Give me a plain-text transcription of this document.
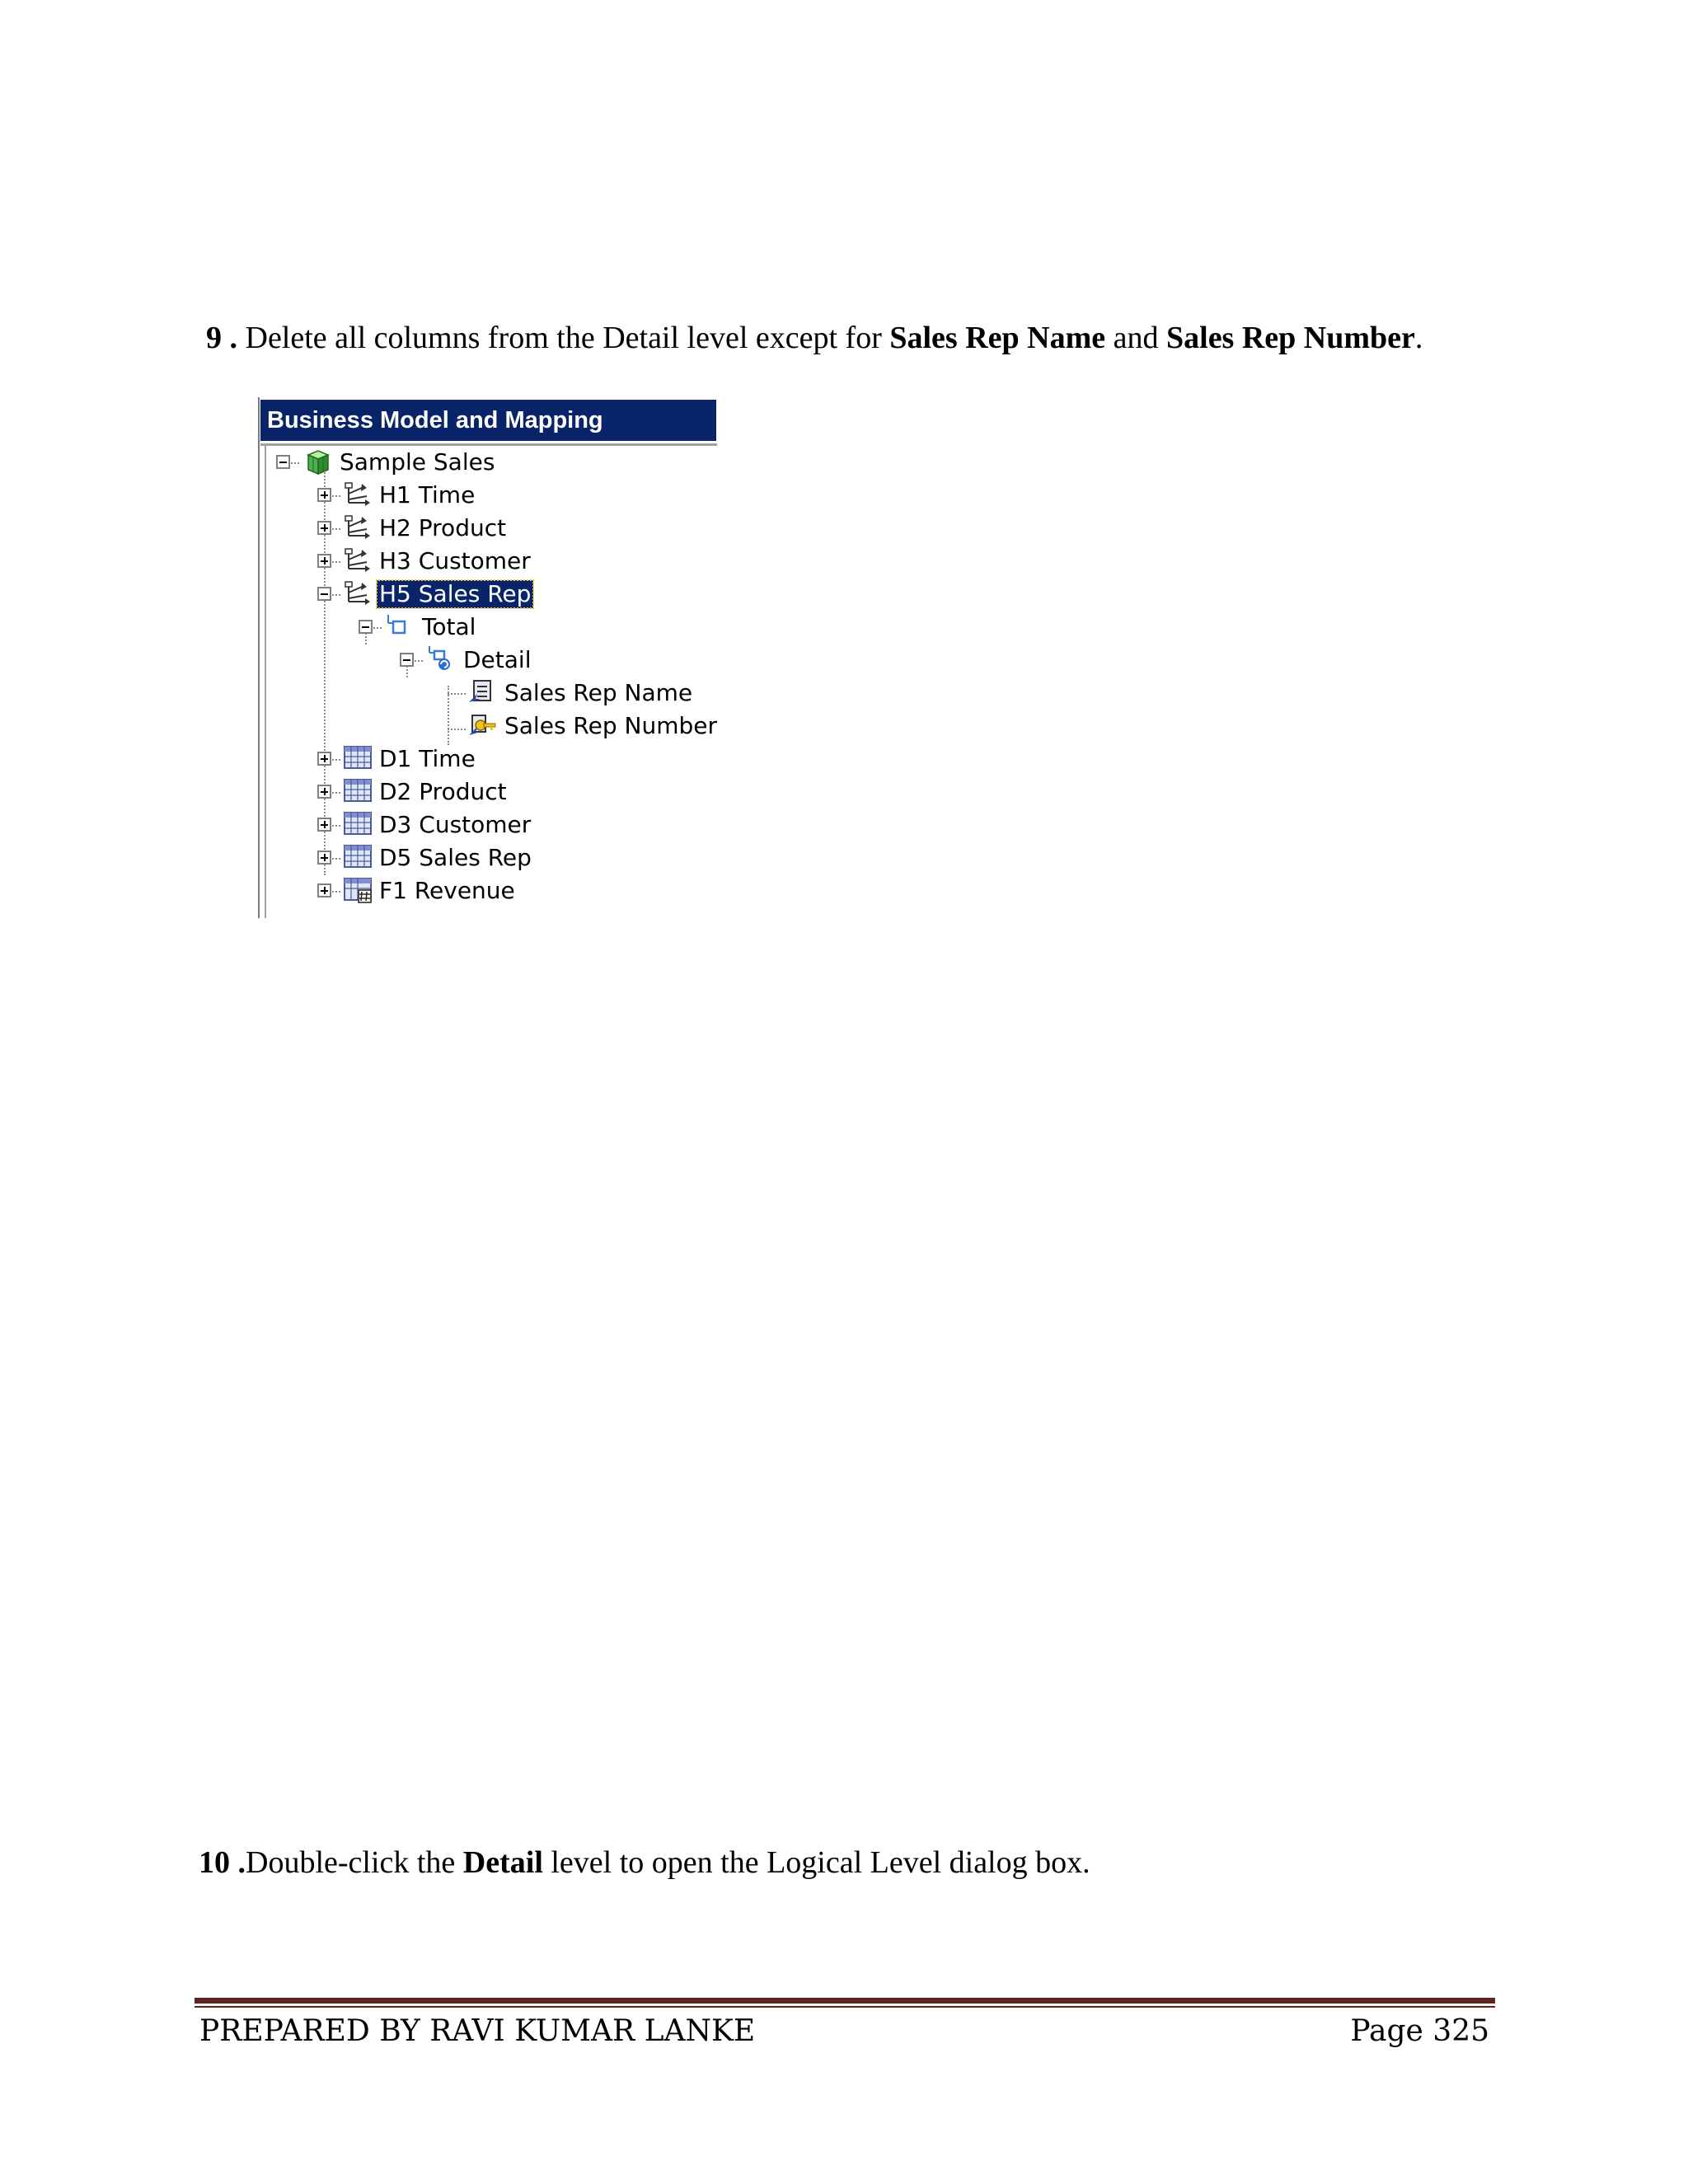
9 . Delete all columns from the Detail level except for Sales Rep Name and Sales Rep Number.
Business Model and Mapping
Sample Sales
H1 Time
H2 Product
H3 Customer
H5 Sales Rep
Total
Detail
Sales Rep Name
Sales Rep Number
D1 Time
D2 Product
D3 Customer
D5 Sales Rep
F1 Revenue
10 .Double-click the Detail level to open the Logical Level dialog box.
PREPARED BY RAVI KUMAR LANKE	Page 325
